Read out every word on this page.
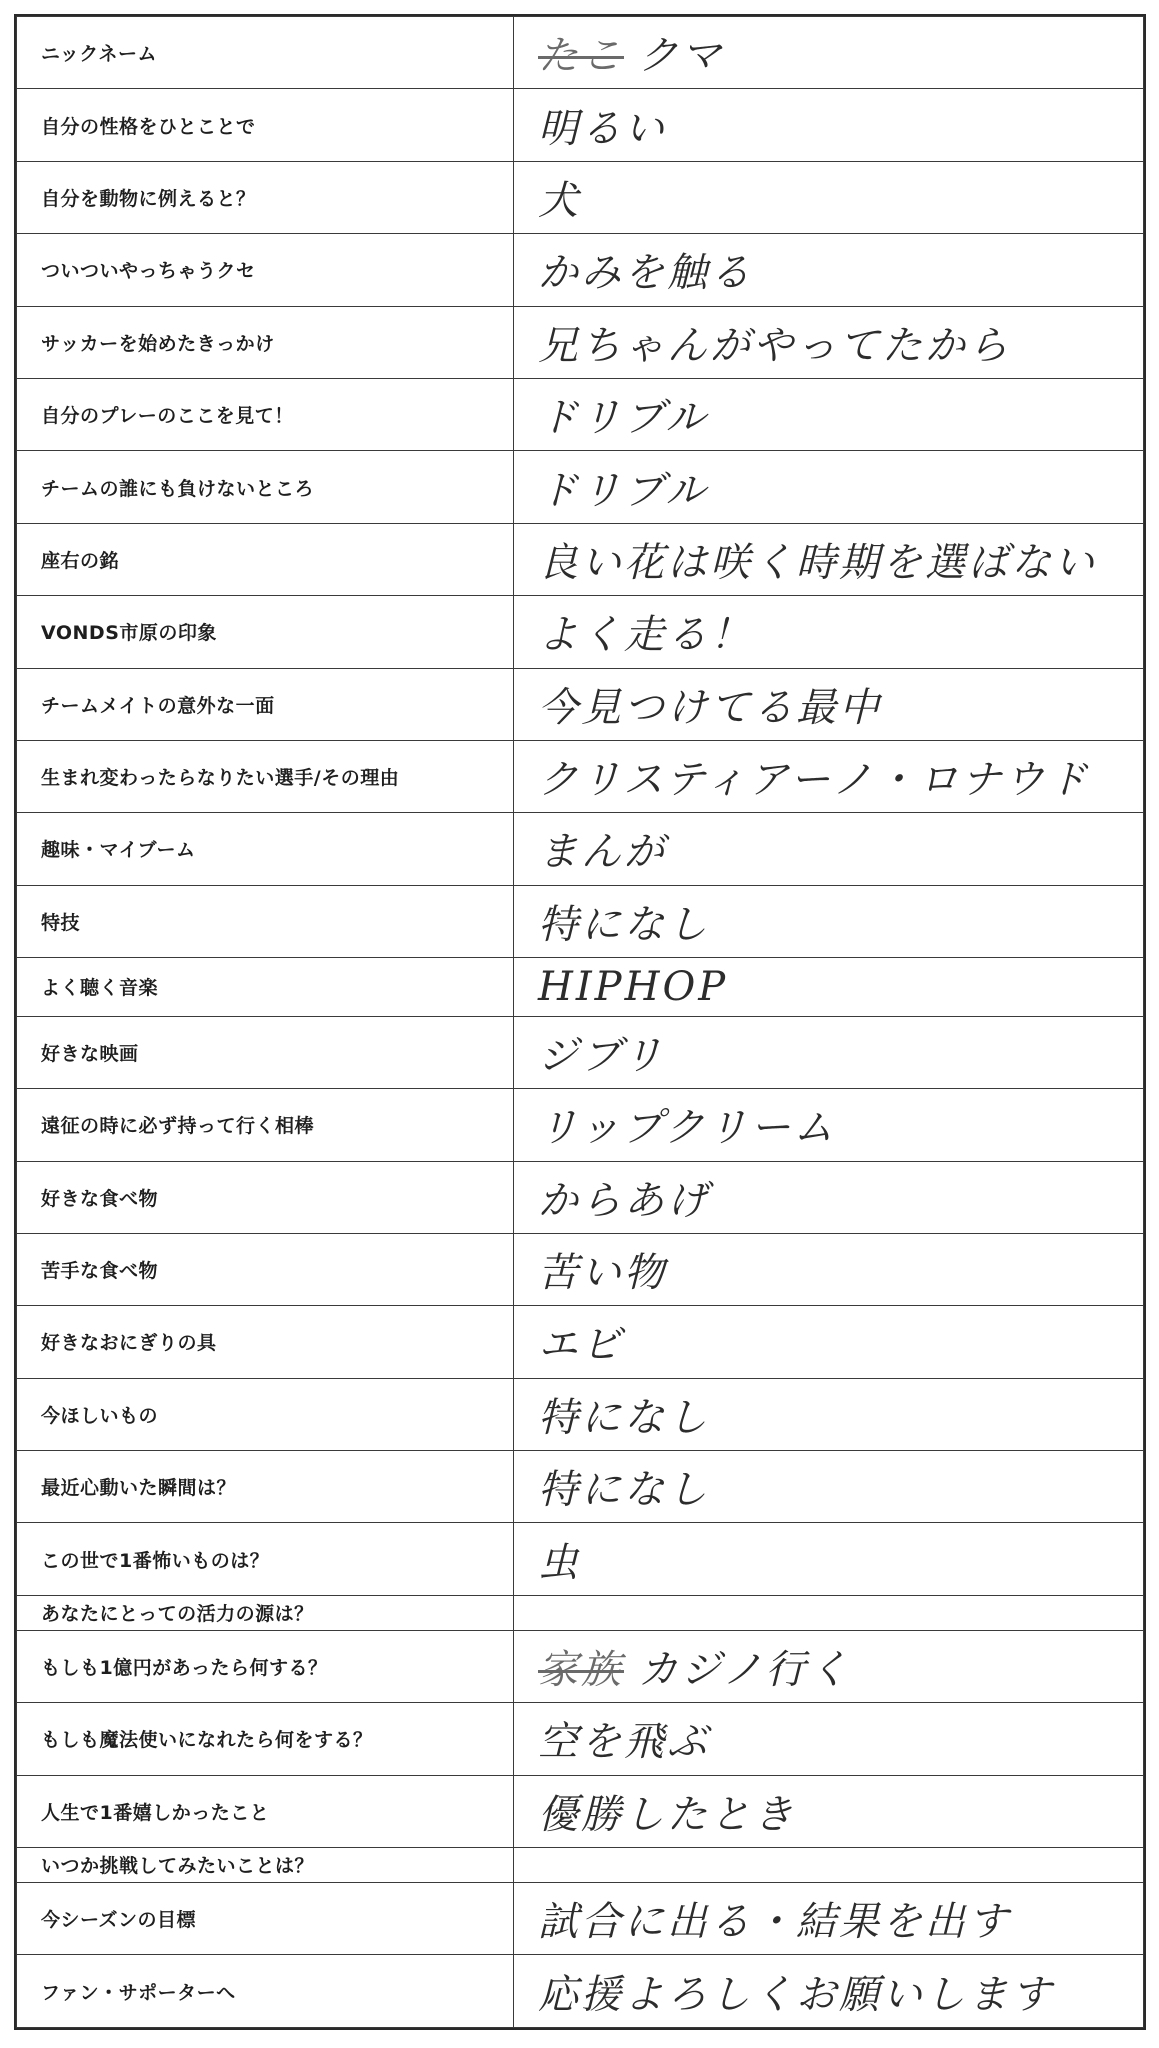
ニックネーム	たこ クマ
自分の性格をひとことで	明るい
自分を動物に例えると？	犬
ついついやっちゃうクセ	かみを触る
サッカーを始めたきっかけ	兄ちゃんがやってたから
自分のプレーのここを見て！	ドリブル
チームの誰にも負けないところ	ドリブル
座右の銘	良い花は咲く時期を選ばない
VONDS市原の印象	よく走る！
チームメイトの意外な一面	今見つけてる最中
生まれ変わったらなりたい選手/その理由	クリスティアーノ・ロナウド
趣味・マイブーム	まんが
特技	特になし
よく聴く音楽	HIPHOP
好きな映画	ジブリ
遠征の時に必ず持って行く相棒	リップクリーム
好きな食べ物	からあげ
苦手な食べ物	苦い物
好きなおにぎりの具	エビ
今ほしいもの	特になし
最近心動いた瞬間は？	特になし
この世で1番怖いものは？	虫
あなたにとっての活力の源は？	
もしも1億円があったら何する？	家族 カジノ行く
もしも魔法使いになれたら何をする？	空を飛ぶ
人生で1番嬉しかったこと	優勝したとき
いつか挑戦してみたいことは？	
今シーズンの目標	試合に出る・結果を出す
ファン・サポーターへ	応援よろしくお願いします
